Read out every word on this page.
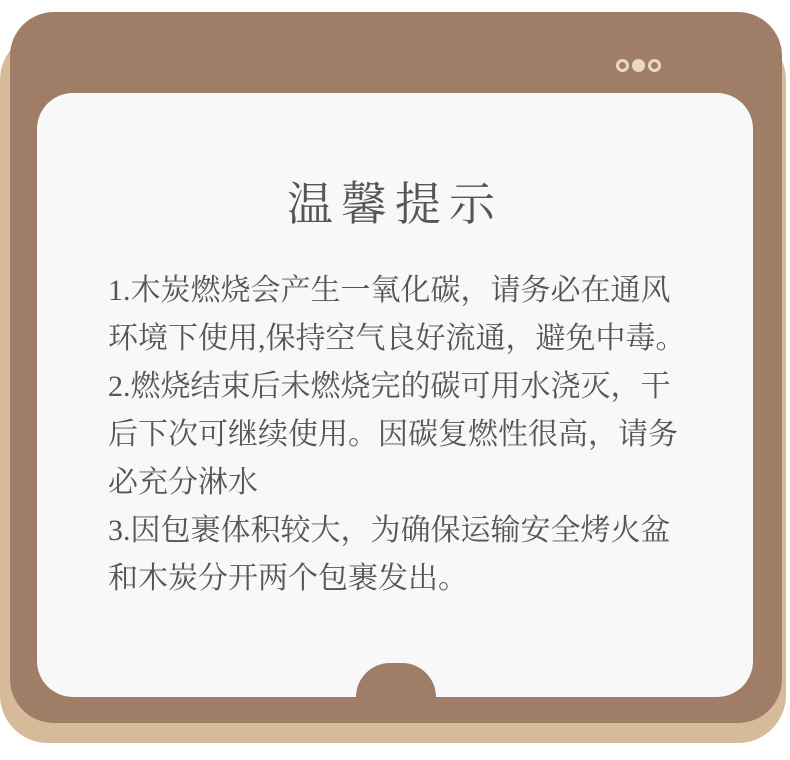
温馨提示
1.木炭燃烧会产生一氧化碳，请务必在通风
环境下使用,保持空气良好流通，避免中毒。
2.燃烧结束后未燃烧完的碳可用水浇灭，干
后下次可继续使用。因碳复燃性很高，请务
必充分淋水
3.因包裹体积较大，为确保运输安全烤火盆
和木炭分开两个包裹发出。
